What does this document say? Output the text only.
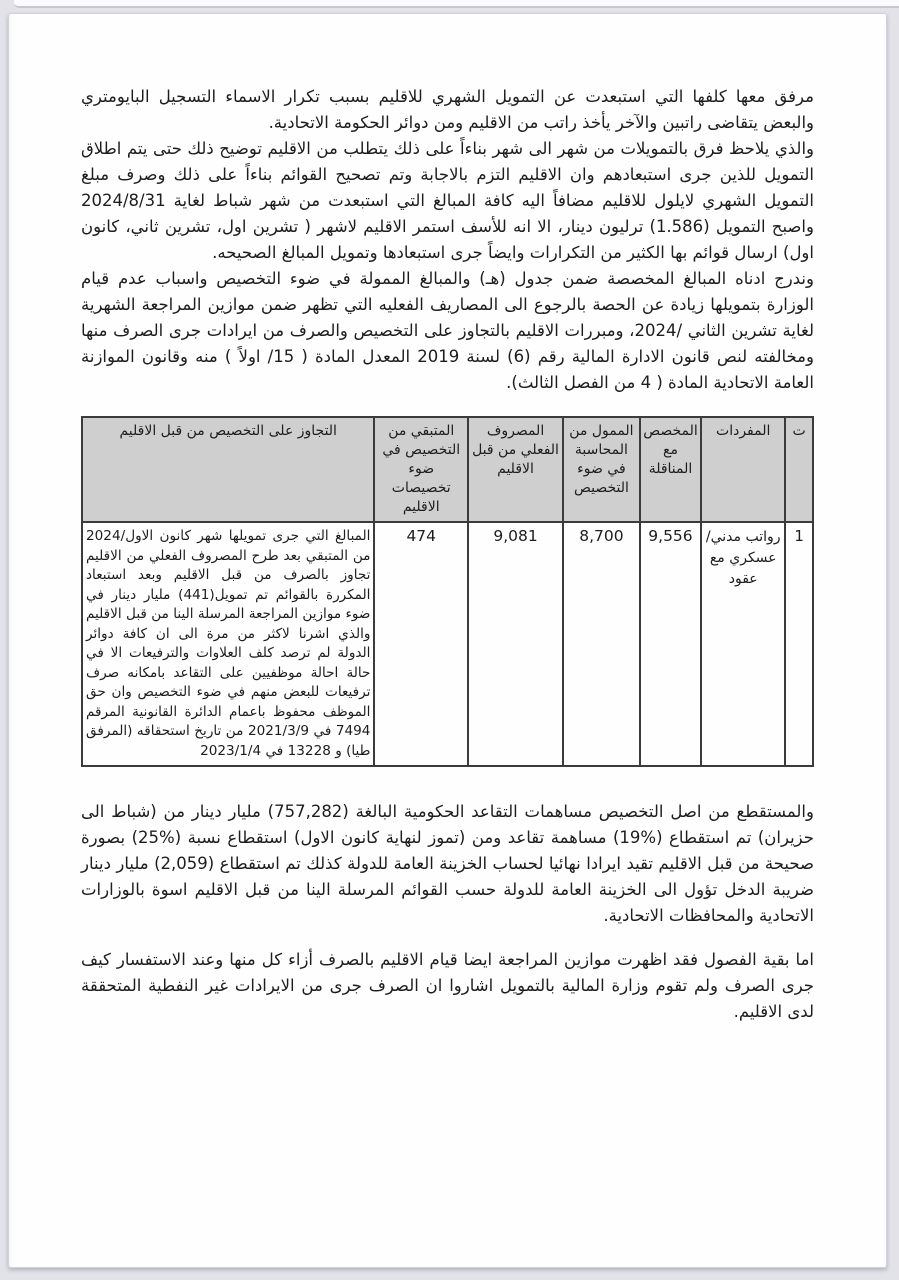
مرفق معها كلفها التي استبعدت عن التمويل الشهري للاقليم بسبب تكرار الاسماء التسجيل البايومتري والبعض يتقاضى راتبين والآخر يأخذ راتب من الاقليم ومن دوائر الحكومة الاتحادية.

والذي يلاحظ فرق بالتمويلات من شهر الى شهر بناءاً على ذلك يتطلب من الاقليم توضيح ذلك حتى يتم اطلاق التمويل للذين جرى استبعادهم وان الاقليم التزم بالاجابة وتم تصحيح القوائم بناءاً على ذلك وصرف مبلغ التمويل الشهري لايلول للاقليم مضافاً اليه كافة المبالغ التي استبعدت من شهر شباط لغاية 2024/8/31 واصبح التمويل (1.586) ترليون دينار، الا انه للأسف استمر الاقليم لاشهر ( تشرين اول، تشرين ثاني، كانون اول) ارسال قوائم بها الكثير من التكرارات وايضاً جرى استبعادها وتمويل المبالغ الصحيحه.

وندرج ادناه المبالغ المخصصة ضمن جدول (هـ) والمبالغ الممولة في ضوء التخصيص واسباب عدم قيام الوزارة بتمويلها زيادة عن الحصة بالرجوع الى المصاريف الفعليه التي تظهر ضمن موازين المراجعة الشهرية لغاية تشرين الثاني /2024، ومبررات الاقليم بالتجاوز على التخصيص والصرف من ايرادات جرى الصرف منها ومخالفته لنص قانون الادارة المالية رقم (6) لسنة 2019 المعدل المادة ( 15/ اولاً ) منه وقانون الموازنة العامة الاتحادية المادة ( 4 من الفصل الثالث).

ت	المفردات	المخصص مع المناقلة	الممول من المحاسبة في ضوء التخصيص	المصروف الفعلي من قبل الاقليم	المتبقي من التخصيص في ضوء تخصيصات الاقليم	التجاوز على التخصيص من قبل الاقليم
1	رواتب مدني/عسكري مع عقود	9,556	8,700	9,081	474	المبالغ التي جرى تمويلها شهر كانون الاول/2024 من المتبقي بعد طرح المصروف الفعلي من الاقليم تجاوز بالصرف من قبل الاقليم وبعد استبعاد المكررة بالقوائم تم تمويل(441) مليار دينار في ضوء موازين المراجعة المرسلة الينا من قبل الاقليم والذي اشرنا لاكثر من مرة الى ان كافة دوائر الدولة لم ترصد كلف العلاوات والترفيعات الا في حالة احالة موظفيين على التقاعد بامكانه صرف ترفيعات للبعض منهم في ضوء التخصيص وان حق الموظف محفوظ باعمام الدائرة القانونية المرقم 7494 في 2021/3/9 من تاريخ استحقاقه (المرفق طيا) و 13228 في 2023/1/4

والمستقطع من اصل التخصيص مساهمات التقاعد الحكومية البالغة (757,282) مليار دينار من (شباط الى حزيران) تم استقطاع (%19) مساهمة تقاعد ومن (تموز لنهاية كانون الاول) استقطاع نسبة (%25) بصورة صحيحة من قبل الاقليم تقيد ايرادا نهائيا لحساب الخزينة العامة للدولة كذلك تم استقطاع (2,059) مليار دينار ضريبة الدخل تؤول الى الخزينة العامة للدولة حسب القوائم المرسلة الينا من قبل الاقليم اسوة بالوزارات الاتحادية والمحافظات الاتحادية.

اما بقية الفصول فقد اظهرت موازين المراجعة ايضا قيام الاقليم بالصرف أزاء كل منها وعند الاستفسار كيف جرى الصرف ولم تقوم وزارة المالية بالتمويل اشاروا ان الصرف جرى من الايرادات غير النفطية المتحققة لدى الاقليم.
